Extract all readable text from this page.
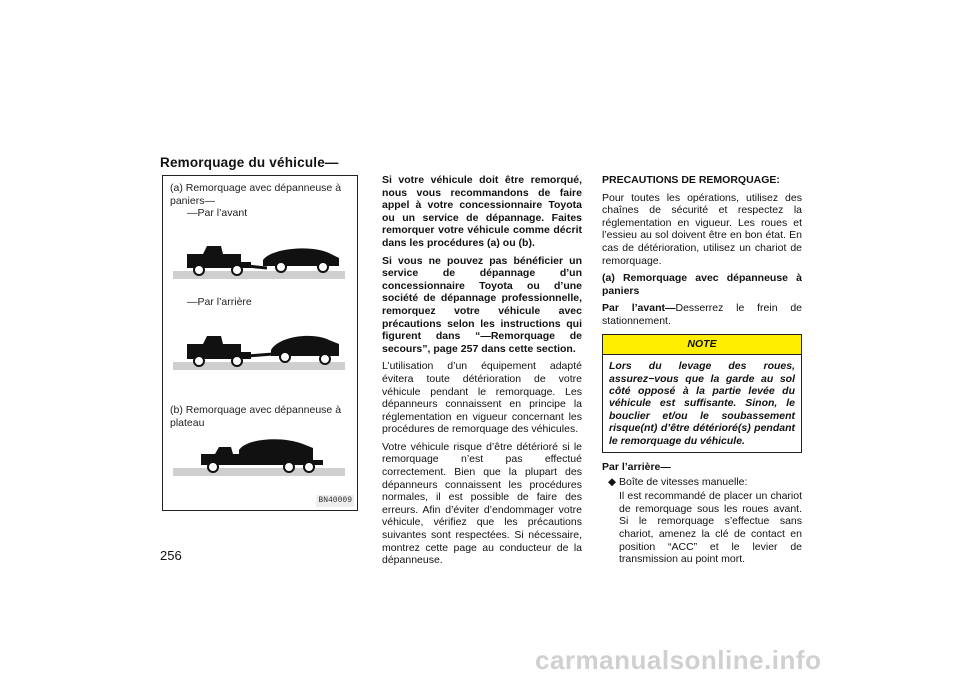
Remorquage du véhicule—
(a) Remorquage avec dépanneuse à paniers—
—Par l’avant
—Par l’arrière
(b) Remorquage avec dépanneuse à plateau
BN40009

Si votre véhicule doit être remorqué, nous vous recommandons de faire appel à votre concessionnaire Toyota ou un service de dépannage. Faites remorquer votre véhicule comme décrit dans les procédures (a) ou (b).

Si vous ne pouvez pas bénéficier un service de dépannage d’un concessionnaire Toyota ou d’une société de dépannage professionnelle, remorquez votre véhicule avec précautions selon les instructions qui figurent dans “—Remorquage de secours”, page 257 dans cette section.

L’utilisation d’un équipement adapté évitera toute détérioration de votre véhicule pendant le remorquage. Les dépanneurs connaissent en principe la réglementation en vigueur concernant les procédures de remorquage des véhicules.

Votre véhicule risque d’être détérioré si le remorquage n’est pas effectué correctement. Bien que la plupart des dépanneurs connaissent les procédures normales, il est possible de faire des erreurs. Afin d’éviter d’endommager votre véhicule, vérifiez que les précautions suivantes sont respectées. Si nécessaire, montrez cette page au conducteur de la dépanneuse.

PRECAUTIONS DE REMORQUAGE:

Pour toutes les opérations, utilisez des chaînes de sécurité et respectez la réglementation en vigueur. Les roues et l’essieu au sol doivent être en bon état. En cas de détérioration, utilisez un chariot de remorquage.

(a) Remorquage avec dépanneuse à paniers

Par l’avant—Desserrez le frein de stationnement.

NOTE
Lors du levage des roues, assurez−vous que la garde au sol côté opposé à la partie levée du véhicule est suffisante. Sinon, le bouclier et/ou le soubassement risque(nt) d’être détérioré(s) pendant le remorquage du véhicule.

Par l’arrière—

◆ Boîte de vitesses manuelle:

Il est recommandé de placer un chariot de remorquage sous les roues avant. Si le remorquage s’effectue sans chariot, amenez la clé de contact en position “ACC” et le levier de transmission au point mort.

256
carmanualsonline.info
